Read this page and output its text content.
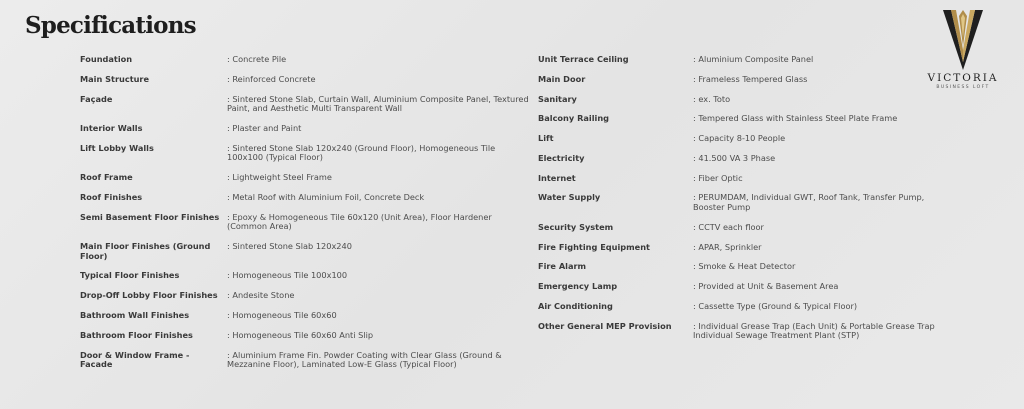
Specifications
VICTORIA
BUSINESS LOFT
Foundation	: Concrete Pile
Main Structure	: Reinforced Concrete
Façade	: Sintered Stone Slab, Curtain Wall, Aluminium Composite Panel, Textured Paint, and Aesthetic Multi Transparent Wall
Interior Walls	: Plaster and Paint
Lift Lobby Walls	: Sintered Stone Slab 120x240 (Ground Floor), Homogeneous Tile 100x100 (Typical Floor)
Roof Frame	: Lightweight Steel Frame
Roof Finishes	: Metal Roof with Aluminium Foil, Concrete Deck
Semi Basement Floor Finishes : Epoxy & Homogeneous Tile 60x120 (Unit Area), Floor Hardener (Common Area)
Main Floor Finishes (Ground Floor)
: Sintered Stone Slab 120x240
Typical Floor Finishes	: Homogeneous Tile 100x100
Drop-Off Lobby Floor Finishes	: Andesite Stone
Bathroom Wall Finishes	: Homogeneous Tile 60x60
Bathroom Floor Finishes	: Homogeneous Tile 60x60 Anti Slip
Door & Window Frame - Facade
: Aluminium Frame Fin. Powder Coating with Clear Glass (Ground & Mezzanine Floor), Laminated Low-E Glass (Typical Floor)
Unit Terrace Ceiling	: Aluminium Composite Panel
Main Door	: Frameless Tempered Glass
Sanitary	: ex. Toto
Balcony Railing	: Tempered Glass with Stainless Steel Plate Frame
Lift	: Capacity 8-10 People
Electricity	: 41.500 VA 3 Phase
Internet	: Fiber Optic
Water Supply	: PERUMDAM, Individual GWT, Roof Tank, Transfer Pump, Booster Pump
Security System	: CCTV each floor
Fire Fighting Equipment	: APAR, Sprinkler
Fire Alarm	: Smoke & Heat Detector
Emergency Lamp	: Provided at Unit & Basement Area
Air Conditioning	: Cassette Type (Ground & Typical Floor)
Other General MEP Provision	: Individual Grease Trap (Each Unit) & Portable Grease Trap Individual Sewage Treatment Plant (STP)
